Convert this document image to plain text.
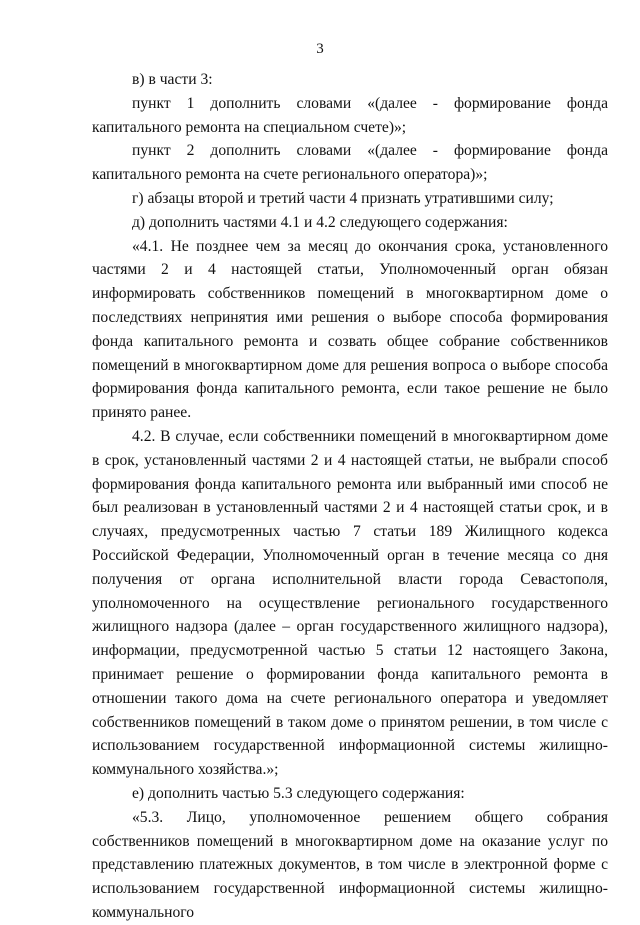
3

в) в части 3:

пункт 1 дополнить словами «(далее - формирование фонда капитального ремонта на специальном счете)»;

пункт 2 дополнить словами «(далее - формирование фонда капитального ремонта на счете регионального оператора)»;

г) абзацы второй и третий части 4 признать утратившими силу;

д) дополнить частями 4.1 и 4.2 следующего содержания:

«4.1. Не позднее чем за месяц до окончания срока, установленного частями 2 и 4 настоящей статьи, Уполномоченный орган обязан информировать собственников помещений в многоквартирном доме о последствиях непринятия ими решения о выборе способа формирования фонда капитального ремонта и созвать общее собрание собственников помещений в многоквартирном доме для решения вопроса о выборе способа формирования фонда капитального ремонта, если такое решение не было принято ранее.

4.2. В случае, если собственники помещений в многоквартирном доме в срок, установленный частями 2 и 4 настоящей статьи, не выбрали способ формирования фонда капитального ремонта или выбранный ими способ не был реализован в установленный частями 2 и 4 настоящей статьи срок, и в случаях, предусмотренных частью 7 статьи 189 Жилищного кодекса Российской Федерации, Уполномоченный орган в течение месяца со дня получения от органа исполнительной власти города Севастополя, уполномоченного на осуществление регионального государственного жилищного надзора (далее – орган государственного жилищного надзора), информации, предусмотренной частью 5 статьи 12 настоящего Закона, принимает решение о формировании фонда капитального ремонта в отношении такого дома на счете регионального оператора и уведомляет собственников помещений в таком доме о принятом решении, в том числе с использованием государственной информационной системы жилищно-коммунального хозяйства.»;

е) дополнить частью 5.3 следующего содержания:

«5.3. Лицо, уполномоченное решением общего собрания собственников помещений в многоквартирном доме на оказание услуг по представлению платежных документов, в том числе в электронной форме с использованием государственной информационной системы жилищно-коммунального
